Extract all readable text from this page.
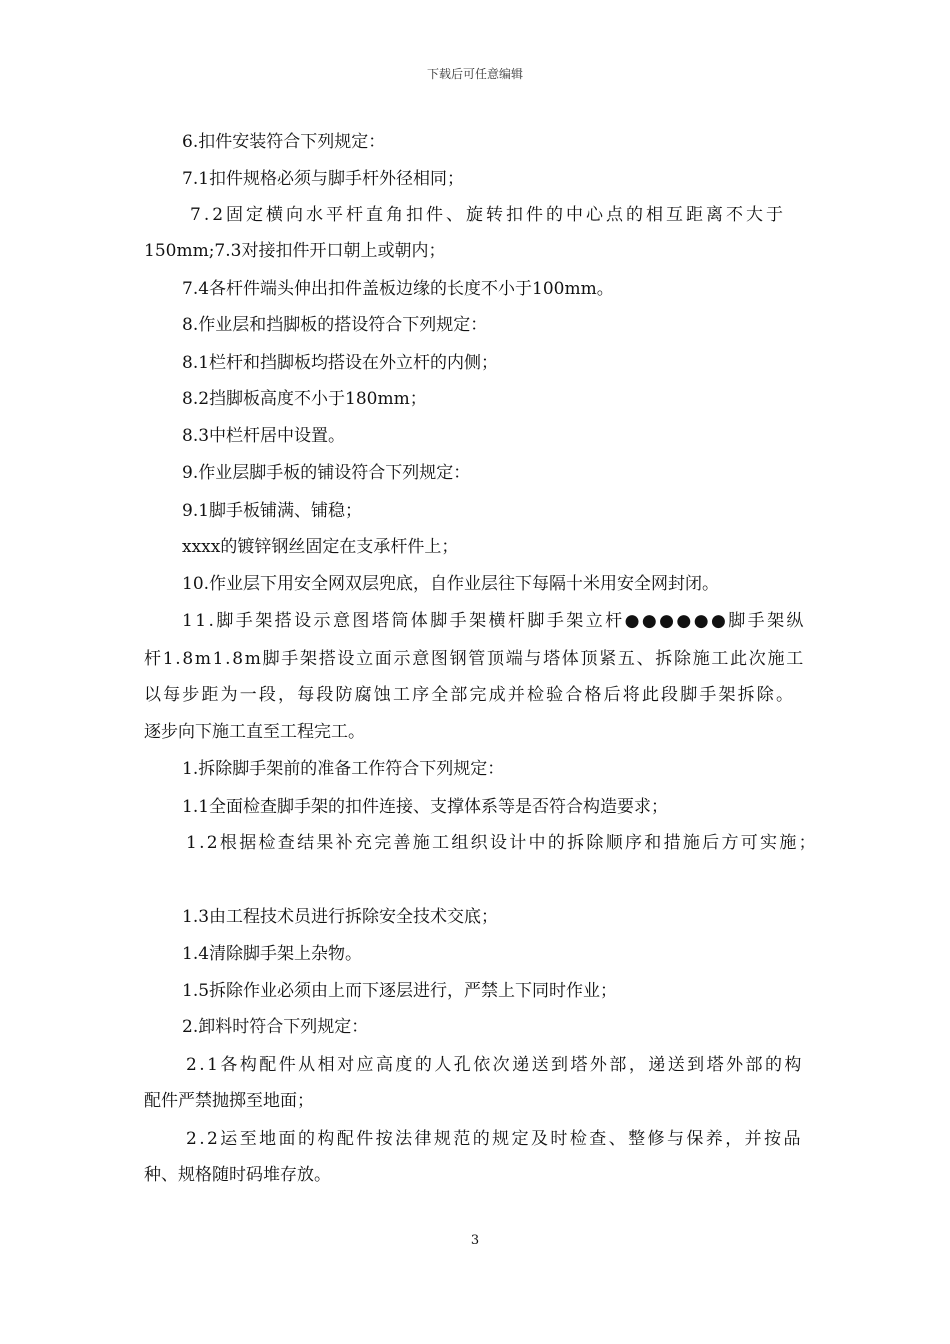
下载后可任意编辑
6.扣件安装符合下列规定：
7.1扣件规格必须与脚手杆外径相同；
7.2固定横向水平杆直角扣件、旋转扣件的中心点的相互距离不大于
150mm;7.3对接扣件开口朝上或朝内；
7.4各杆件端头伸出扣件盖板边缘的长度不小于100mm。
8.作业层和挡脚板的搭设符合下列规定：
8.1栏杆和挡脚板均搭设在外立杆的内侧；
8.2挡脚板高度不小于180mm；
8.3中栏杆居中设置。
9.作业层脚手板的铺设符合下列规定：
9.1脚手板铺满、铺稳；
xxxx的镀锌钢丝固定在支承杆件上；
10.作业层下用安全网双层兜底，自作业层往下每隔十米用安全网封闭。
11.脚手架搭设示意图塔筒体脚手架横杆脚手架立杆●●●●●●脚手架纵
杆1.8m1.8m脚手架搭设立面示意图钢管顶端与塔体顶紧五、拆除施工此次施工
以每步距为一段，每段防腐蚀工序全部完成并检验合格后将此段脚手架拆除。
逐步向下施工直至工程完工。
1.拆除脚手架前的准备工作符合下列规定：
1.1全面检查脚手架的扣件连接、支撑体系等是否符合构造要求；
1.2根据检查结果补充完善施工组织设计中的拆除顺序和措施后方可实施；
1.3由工程技术员进行拆除安全技术交底；
1.4清除脚手架上杂物。
1.5拆除作业必须由上而下逐层进行，严禁上下同时作业；
2.卸料时符合下列规定：
2.1各构配件从相对应高度的人孔依次递送到塔外部，递送到塔外部的构
配件严禁抛掷至地面；
2.2运至地面的构配件按法律规范的规定及时检查、整修与保养，并按品
种、规格随时码堆存放。
3
